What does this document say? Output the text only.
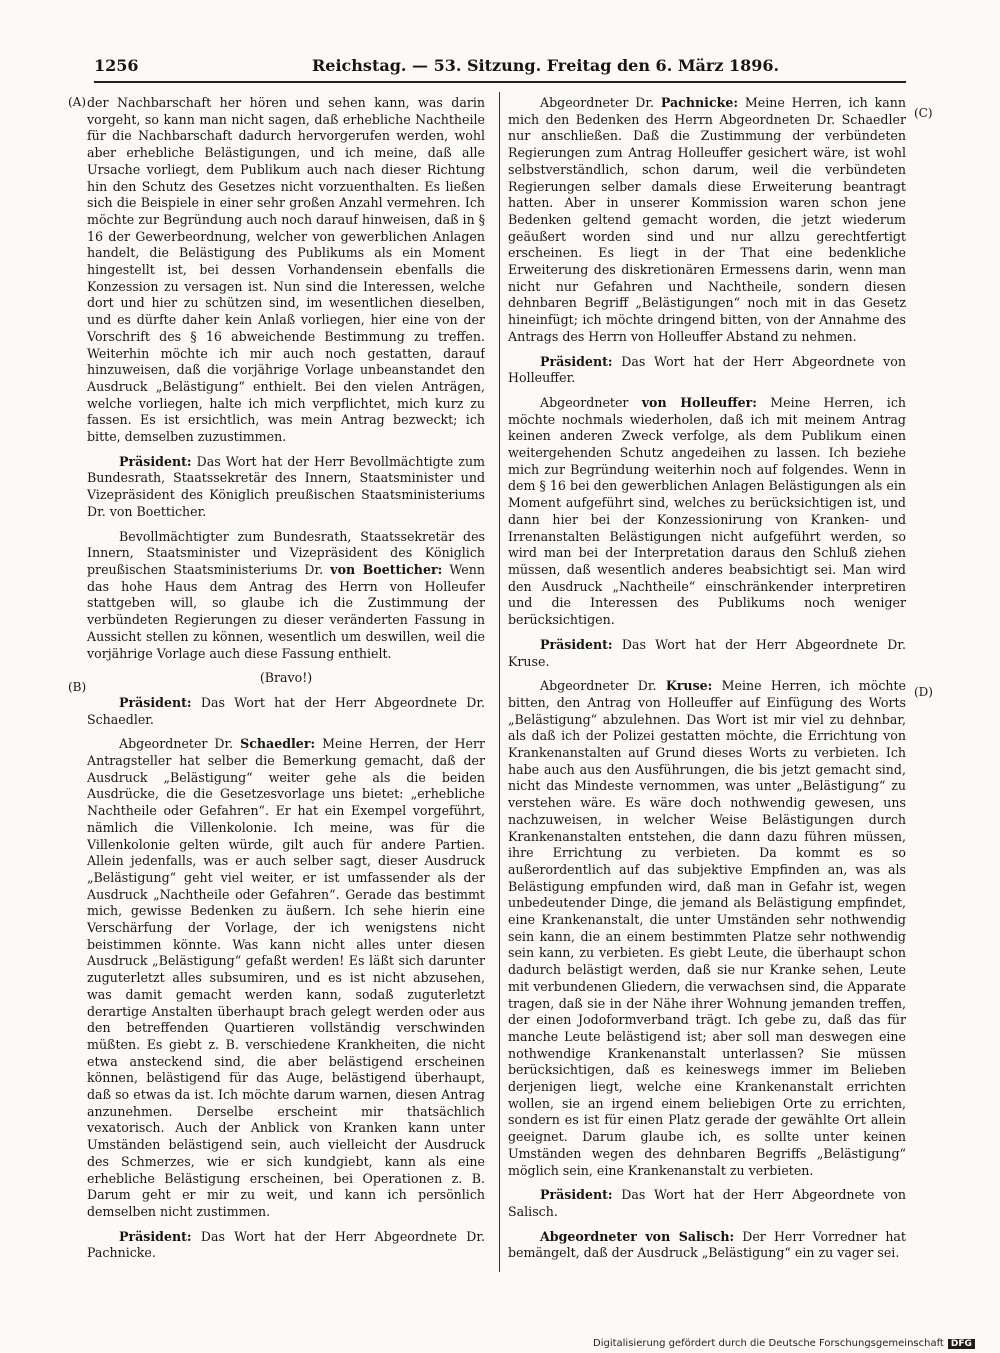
1256	Reichstag. — 53. Sitzung. Freitag den 6. März 1896.
(A)
(B)
(C)
(D)

der Nachbarschaft her hören und sehen kann, was darin vorgeht, so kann man nicht sagen, daß erhebliche Nachtheile für die Nachbarschaft dadurch hervorgerufen werden, wohl aber erhebliche Belästigungen, und ich meine, daß alle Ursache vorliegt, dem Publikum auch nach dieser Richtung hin den Schutz des Gesetzes nicht vorzuenthalten. Es ließen sich die Beispiele in einer sehr großen Anzahl vermehren. Ich möchte zur Begründung auch noch darauf hinweisen, daß in § 16 der Gewerbeordnung, welcher von gewerblichen Anlagen handelt, die Belästigung des Publikums als ein Moment hingestellt ist, bei dessen Vorhandensein ebenfalls die Konzession zu versagen ist. Nun sind die Interessen, welche dort und hier zu schützen sind, im wesentlichen dieselben, und es dürfte daher kein Anlaß vorliegen, hier eine von der Vorschrift des § 16 abweichende Bestimmung zu treffen. Weiterhin möchte ich mir auch noch gestatten, darauf hinzuweisen, daß die vorjährige Vorlage unbeanstandet den Ausdruck „Belästigung“ enthielt. Bei den vielen Anträgen, welche vorliegen, halte ich mich verpflichtet, mich kurz zu fassen. Es ist ersichtlich, was mein Antrag bezweckt; ich bitte, demselben zuzustimmen.

Präsident: Das Wort hat der Herr Bevollmächtigte zum Bundesrath, Staatssekretär des Innern, Staatsminister und Vizepräsident des Königlich preußischen Staatsministeriums Dr. von Boetticher.

Bevollmächtigter zum Bundesrath, Staatssekretär des Innern, Staatsminister und Vizepräsident des Königlich preußischen Staatsministeriums Dr. von Boetticher: Wenn das hohe Haus dem Antrag des Herrn von Holleufer stattgeben will, so glaube ich die Zustimmung der verbündeten Regierungen zu dieser veränderten Fassung in Aussicht stellen zu können, wesentlich um deswillen, weil die vorjährige Vorlage auch diese Fassung enthielt.

(Bravo!)

Präsident: Das Wort hat der Herr Abgeordnete Dr. Schaedler.

Abgeordneter Dr. Schaedler: Meine Herren, der Herr Antragsteller hat selber die Bemerkung gemacht, daß der Ausdruck „Belästigung“ weiter gehe als die beiden Ausdrücke, die die Gesetzesvorlage uns bietet: „erhebliche Nachtheile oder Gefahren“. Er hat ein Exempel vorgeführt, nämlich die Villenkolonie. Ich meine, was für die Villenkolonie gelten würde, gilt auch für andere Partien. Allein jedenfalls, was er auch selber sagt, dieser Ausdruck „Belästigung“ geht viel weiter, er ist umfassender als der Ausdruck „Nachtheile oder Gefahren“. Gerade das bestimmt mich, gewisse Bedenken zu äußern. Ich sehe hierin eine Verschärfung der Vorlage, der ich wenigstens nicht beistimmen könnte. Was kann nicht alles unter diesen Ausdruck „Belästigung“ gefaßt werden! Es läßt sich darunter zuguterletzt alles subsumiren, und es ist nicht abzusehen, was damit gemacht werden kann, sodaß zuguterletzt derartige Anstalten überhaupt brach gelegt werden oder aus den betreffenden Quartieren vollständig verschwinden müßten. Es giebt z. B. verschiedene Krankheiten, die nicht etwa ansteckend sind, die aber belästigend erscheinen können, belästigend für das Auge, belästigend überhaupt, daß so etwas da ist. Ich möchte darum warnen, diesen Antrag anzunehmen. Derselbe erscheint mir thatsächlich vexatorisch. Auch der Anblick von Kranken kann unter Umständen belästigend sein, auch vielleicht der Ausdruck des Schmerzes, wie er sich kundgiebt, kann als eine erhebliche Belästigung erscheinen, bei Operationen z. B. Darum geht er mir zu weit, und kann ich persönlich demselben nicht zustimmen.

Präsident: Das Wort hat der Herr Abgeordnete Dr. Pachnicke.

Abgeordneter Dr. Pachnicke: Meine Herren, ich kann mich den Bedenken des Herrn Abgeordneten Dr. Schaedler nur anschließen. Daß die Zustimmung der verbündeten Regierungen zum Antrag Holleuffer gesichert wäre, ist wohl selbstverständlich, schon darum, weil die verbündeten Regierungen selber damals diese Erweiterung beantragt hatten. Aber in unserer Kommission waren schon jene Bedenken geltend gemacht worden, die jetzt wiederum geäußert worden sind und nur allzu gerechtfertigt erscheinen. Es liegt in der That eine bedenkliche Erweiterung des diskretionären Ermessens darin, wenn man nicht nur Gefahren und Nachtheile, sondern diesen dehnbaren Begriff „Belästigungen“ noch mit in das Gesetz hineinfügt; ich möchte dringend bitten, von der Annahme des Antrags des Herrn von Holleuffer Abstand zu nehmen.

Präsident: Das Wort hat der Herr Abgeordnete von Holleuffer.

Abgeordneter von Holleuffer: Meine Herren, ich möchte nochmals wiederholen, daß ich mit meinem Antrag keinen anderen Zweck verfolge, als dem Publikum einen weitergehenden Schutz angedeihen zu lassen. Ich beziehe mich zur Begründung weiterhin noch auf folgendes. Wenn in dem § 16 bei den gewerblichen Anlagen Belästigungen als ein Moment aufgeführt sind, welches zu berücksichtigen ist, und dann hier bei der Konzessionirung von Kranken- und Irrenanstalten Belästigungen nicht aufgeführt werden, so wird man bei der Interpretation daraus den Schluß ziehen müssen, daß wesentlich anderes beabsichtigt sei. Man wird den Ausdruck „Nachtheile“ einschränkender interpretiren und die Interessen des Publikums noch weniger berücksichtigen.

Präsident: Das Wort hat der Herr Abgeordnete Dr. Kruse.

Abgeordneter Dr. Kruse: Meine Herren, ich möchte bitten, den Antrag von Holleuffer auf Einfügung des Worts „Belästigung“ abzulehnen. Das Wort ist mir viel zu dehnbar, als daß ich der Polizei gestatten möchte, die Errichtung von Krankenanstalten auf Grund dieses Worts zu verbieten. Ich habe auch aus den Ausführungen, die bis jetzt gemacht sind, nicht das Mindeste vernommen, was unter „Belästigung“ zu verstehen wäre. Es wäre doch nothwendig gewesen, uns nachzuweisen, in welcher Weise Belästigungen durch Krankenanstalten entstehen, die dann dazu führen müssen, ihre Errichtung zu verbieten. Da kommt es so außerordentlich auf das subjektive Empfinden an, was als Belästigung empfunden wird, daß man in Gefahr ist, wegen unbedeutender Dinge, die jemand als Belästigung empfindet, eine Krankenanstalt, die unter Umständen sehr nothwendig sein kann, die an einem bestimmten Platze sehr nothwendig sein kann, zu verbieten. Es giebt Leute, die überhaupt schon dadurch belästigt werden, daß sie nur Kranke sehen, Leute mit verbundenen Gliedern, die verwachsen sind, die Apparate tragen, daß sie in der Nähe ihrer Wohnung jemanden treffen, der einen Jodoformverband trägt. Ich gebe zu, daß das für manche Leute belästigend ist; aber soll man deswegen eine nothwendige Krankenanstalt unterlassen? Sie müssen berücksichtigen, daß es keineswegs immer im Belieben derjenigen liegt, welche eine Krankenanstalt errichten wollen, sie an irgend einem beliebigen Orte zu errichten, sondern es ist für einen Platz gerade der gewählte Ort allein geeignet. Darum glaube ich, es sollte unter keinen Umständen wegen des dehnbaren Begriffs „Belästigung“ möglich sein, eine Krankenanstalt zu verbieten.

Präsident: Das Wort hat der Herr Abgeordnete von Salisch.

Abgeordneter von Salisch: Der Herr Vorredner hat bemängelt, daß der Ausdruck „Belästigung“ ein zu vager sei.

Digitalisierung gefördert durch die Deutsche Forschungsgemeinschaft DFG
